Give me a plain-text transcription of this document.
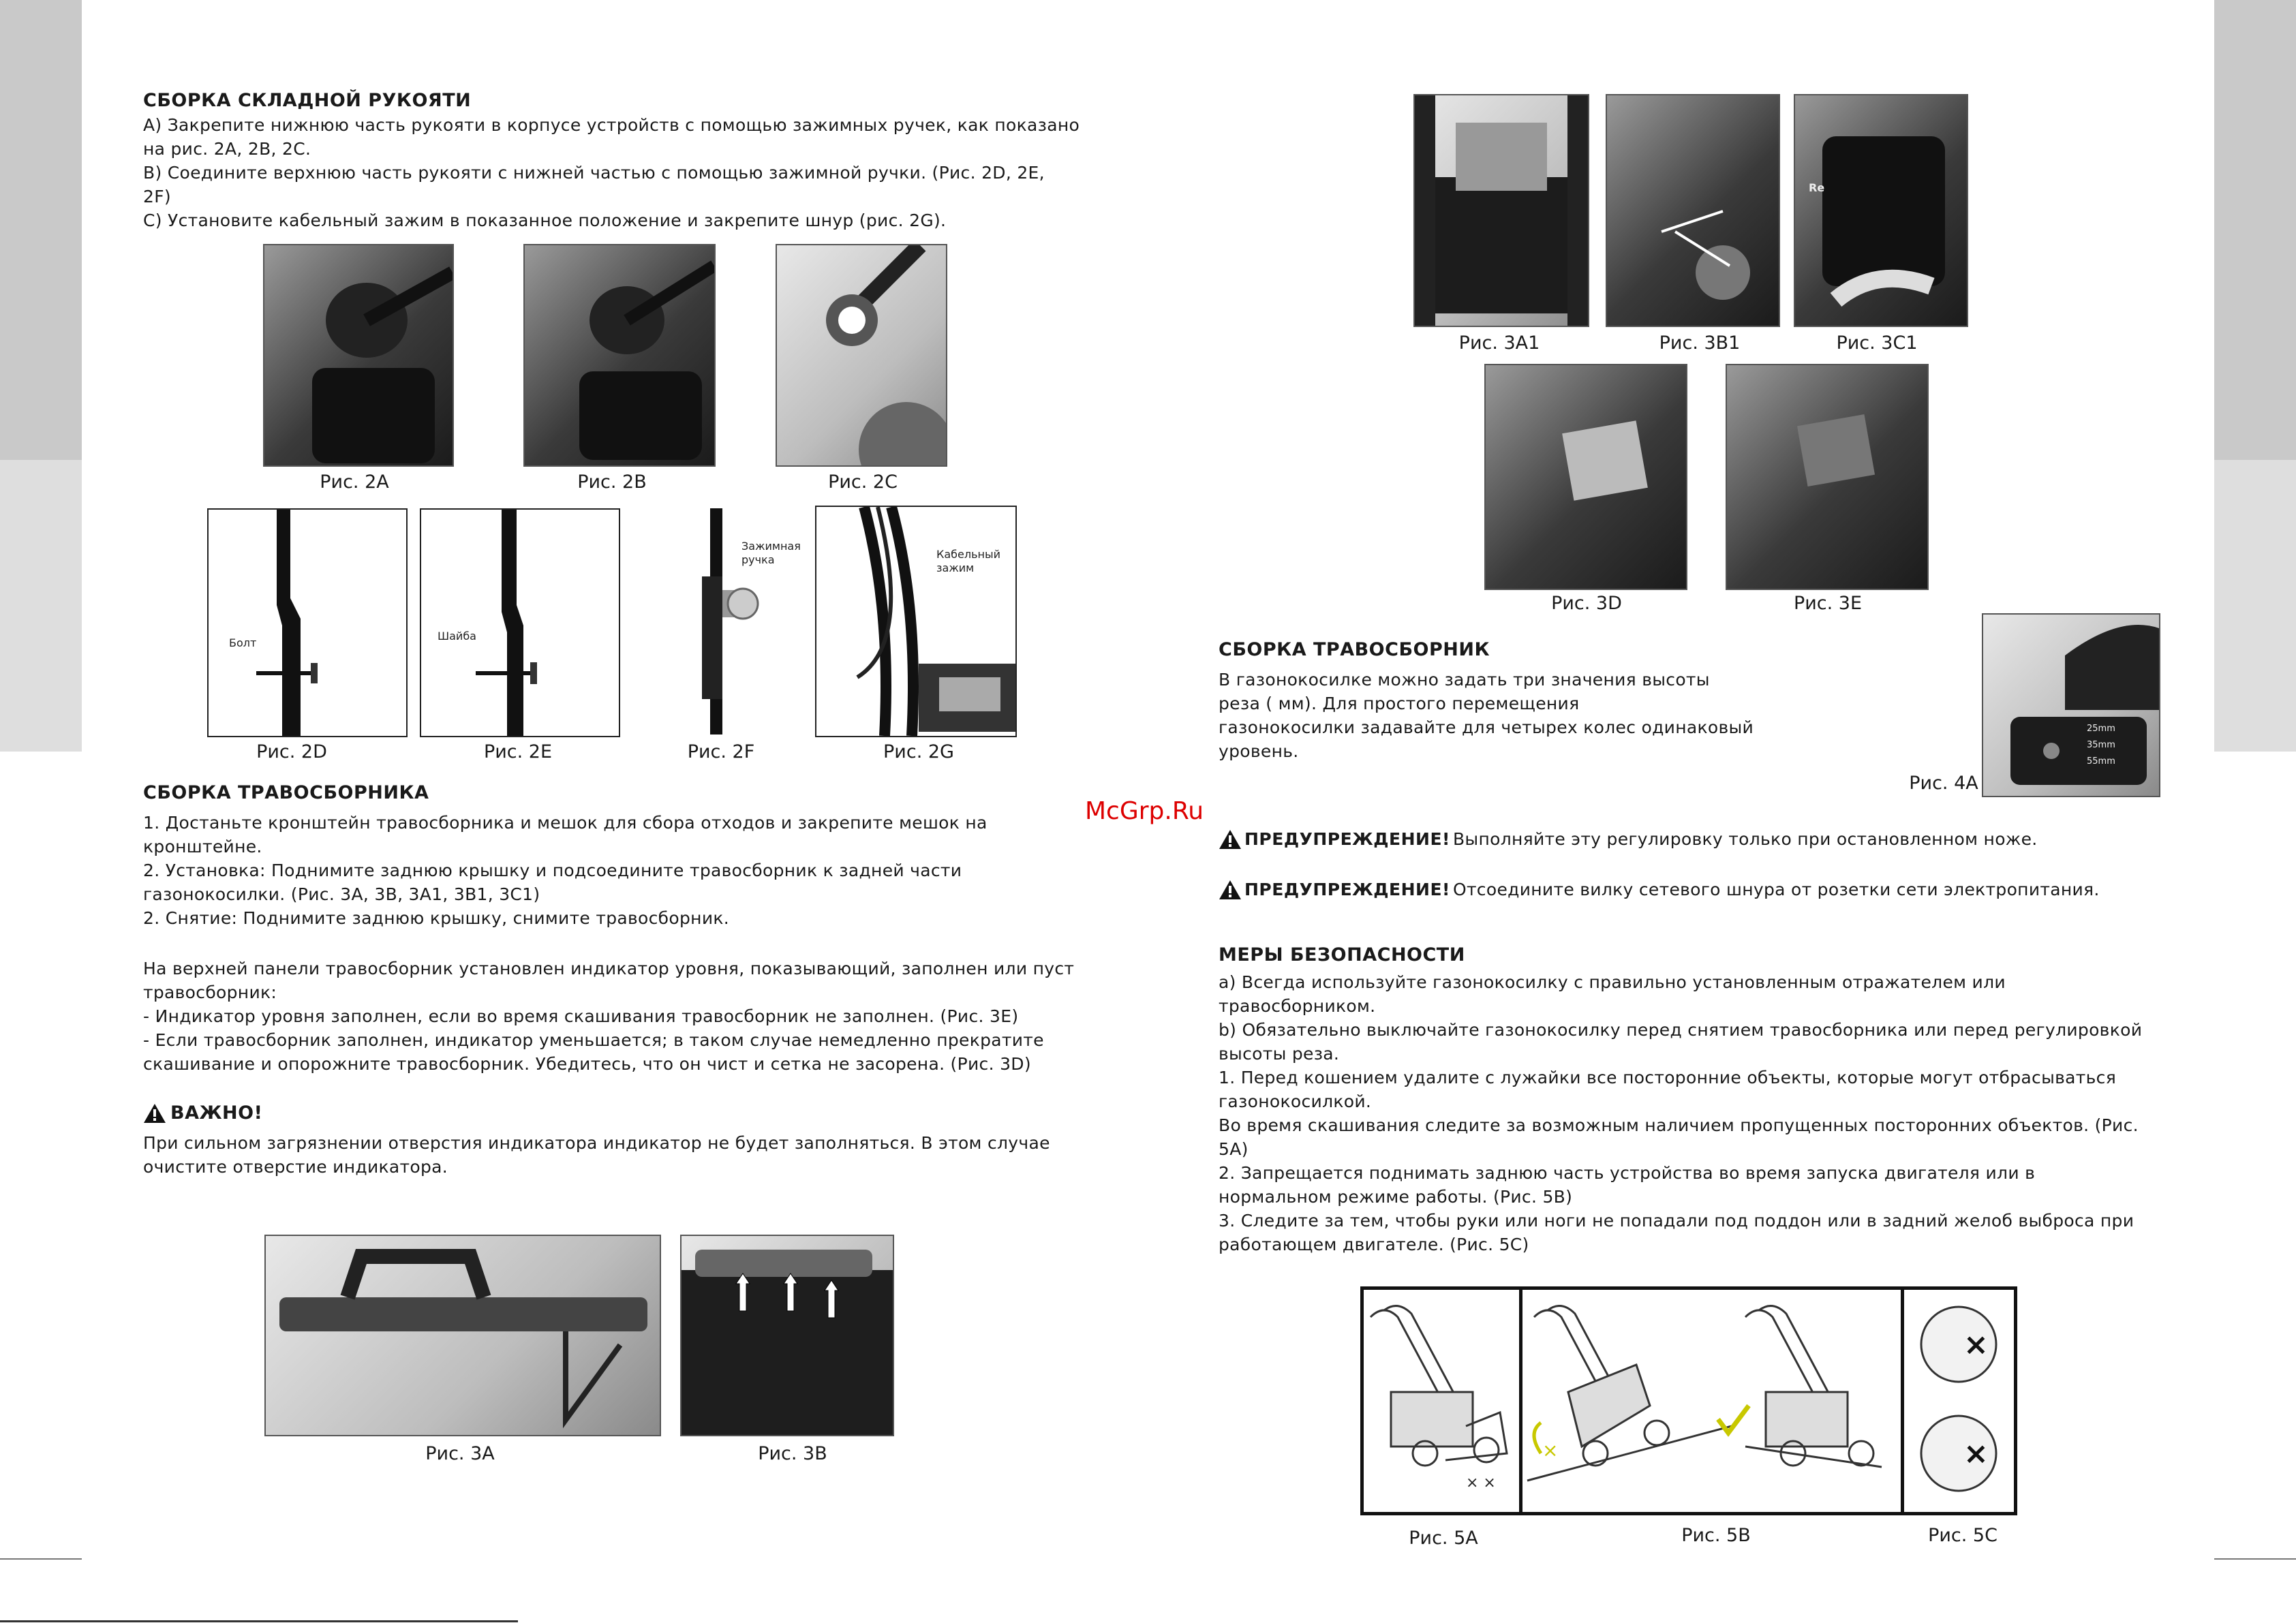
СБОРКА СКЛАДНОЙ РУКОЯТИ
A) Закрепите нижнюю часть рукояти в корпусе устройств с помощью зажимных ручек, как показано
на рис. 2A, 2B, 2C.
B) Соедините верхнюю часть рукояти с нижней частью с помощью зажимной ручки. (Рис. 2D, 2E,
2F)
C) Установите кабельный зажим в показанное положение и закрепите шнур (рис. 2G).
Рис. 2A	Рис. 2B	Рис. 2C
Болт
Шайба
Зажимная
ручка	Кабельный
зажим
Рис. 2D	Рис. 2E	Рис. 2F	Рис. 2G
СБОРКА ТРАВОСБОРНИКА
1. Достаньте кронштейн травосборника и мешок для сбора отходов и закрепите мешок на
кронштейне.
2. Установка: Поднимите заднюю крышку и подсоедините травосборник к задней части
газонокосилки. (Рис. 3A, 3B, 3A1, 3B1, 3C1)
2. Снятие: Поднимите заднюю крышку, снимите травосборник.
На верхней панели травосборник установлен индикатор уровня, показывающий, заполнен или пуст
травосборник:
- Индикатор уровня заполнен, если во время скашивания травосборник не заполнен. (Рис. 3E)
- Если травосборник заполнен, индикатор уменьшается; в таком случае немедленно прекратите
скашивание и опорожните травосборник. Убедитесь, что он чист и сетка не засорена. (Рис. 3D)
ВАЖНО!
При сильном загрязнении отверстия индикатора индикатор не будет заполняться. В этом случае
очистите отверстие индикатора.
Рис. 3A	Рис. 3B
Re
Рис. 3A1	Рис. 3B1	Рис. 3C1
Рис. 3D	Рис. 3E
СБОРКА ТРАВОСБОРНИК
В газонокосилке можно задать три значения высоты
реза ( мм). Для простого перемещения
газонокосилки задавайте для четырех колес одинаковый
уровень.
25mm
35mm
55mm
Рис. 4A
McGrp.Ru
ПРЕДУПРЕЖДЕНИЕ! Выполняйте эту регулировку только при остановленном ноже.
ПРЕДУПРЕЖДЕНИЕ! Отсоедините вилку сетевого шнура от розетки сети электропитания.
МЕРЫ БЕЗОПАСНОСТИ
a) Всегда используйте газонокосилку с правильно установленным отражателем или
травосборником.
b) Обязательно выключайте газонокосилку перед снятием травосборника или перед регулировкой
высоты реза.
1. Перед кошением удалите с лужайки все посторонние объекты, которые могут отбрасываться
газонокосилкой.
Во время скашивания следите за возможным наличием пропущенных посторонних объектов. (Рис.
5A)
2. Запрещается поднимать заднюю часть устройства во время запуска двигателя или в
нормальном режиме работы. (Рис. 5B)
3. Следите за тем, чтобы руки или ноги не попадали под поддон или в задний желоб выброса при
работающем двигателе. (Рис. 5C)
× ×
×
×
×
Рис. 5A	Рис. 5B	Рис. 5C
